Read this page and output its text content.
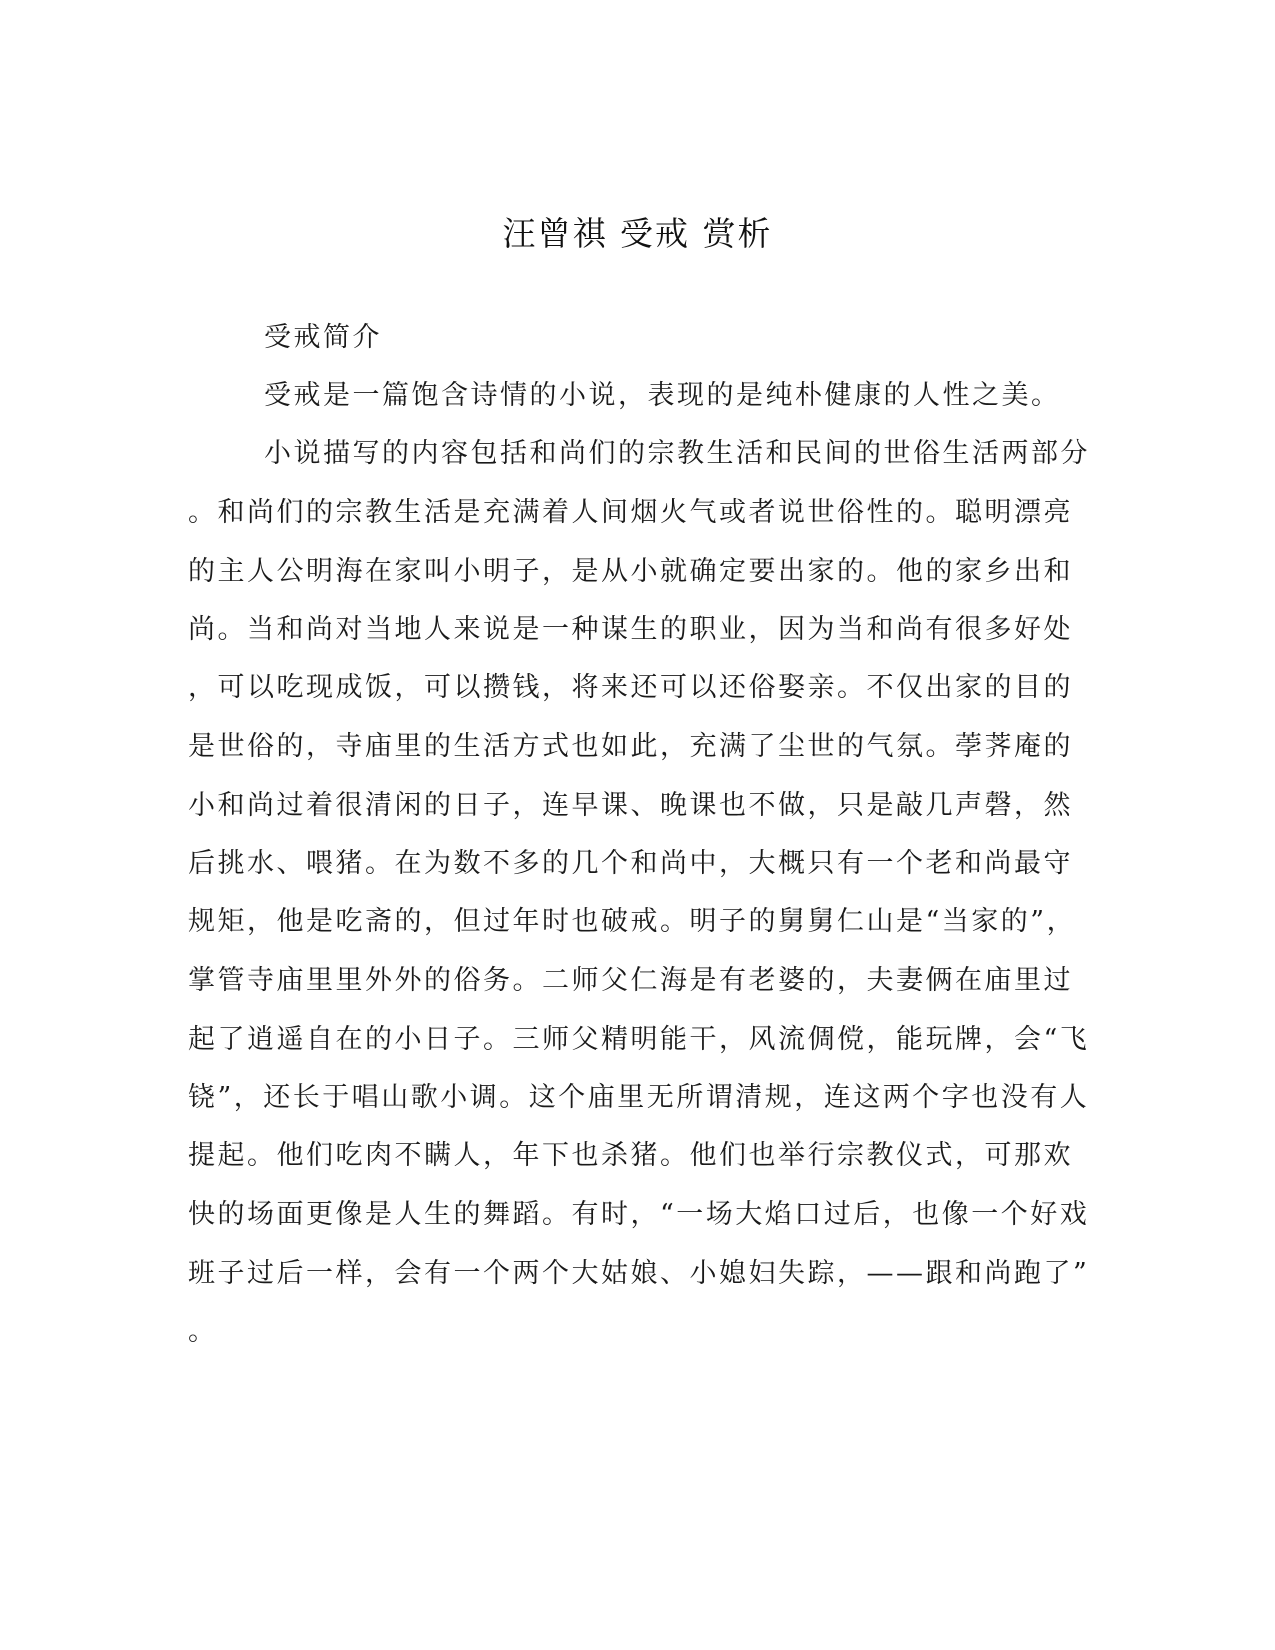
汪曾祺 受戒 赏析
受戒简介
受戒是一篇饱含诗情的小说，表现的是纯朴健康的人性之美。
小说描写的内容包括和尚们的宗教生活和民间的世俗生活两部分
。和尚们的宗教生活是充满着人间烟火气或者说世俗性的。聪明漂亮
的主人公明海在家叫小明子，是从小就确定要出家的。他的家乡出和
尚。当和尚对当地人来说是一种谋生的职业，因为当和尚有很多好处
，可以吃现成饭，可以攒钱，将来还可以还俗娶亲。不仅出家的目的
是世俗的，寺庙里的生活方式也如此，充满了尘世的气氛。荸荠庵的
小和尚过着很清闲的日子，连早课、晚课也不做，只是敲几声磬，然
后挑水、喂猪。在为数不多的几个和尚中，大概只有一个老和尚最守
规矩，他是吃斋的，但过年时也破戒。明子的舅舅仁山是“当家的”，
掌管寺庙里里外外的俗务。二师父仁海是有老婆的，夫妻俩在庙里过
起了逍遥自在的小日子。三师父精明能干，风流倜傥，能玩牌，会“飞
铙”，还长于唱山歌小调。这个庙里无所谓清规，连这两个字也没有人
提起。他们吃肉不瞒人，年下也杀猪。他们也举行宗教仪式，可那欢
快的场面更像是人生的舞蹈。有时，“一场大焰口过后，也像一个好戏
班子过后一样，会有一个两个大姑娘、小媳妇失踪，——跟和尚跑了”
。
